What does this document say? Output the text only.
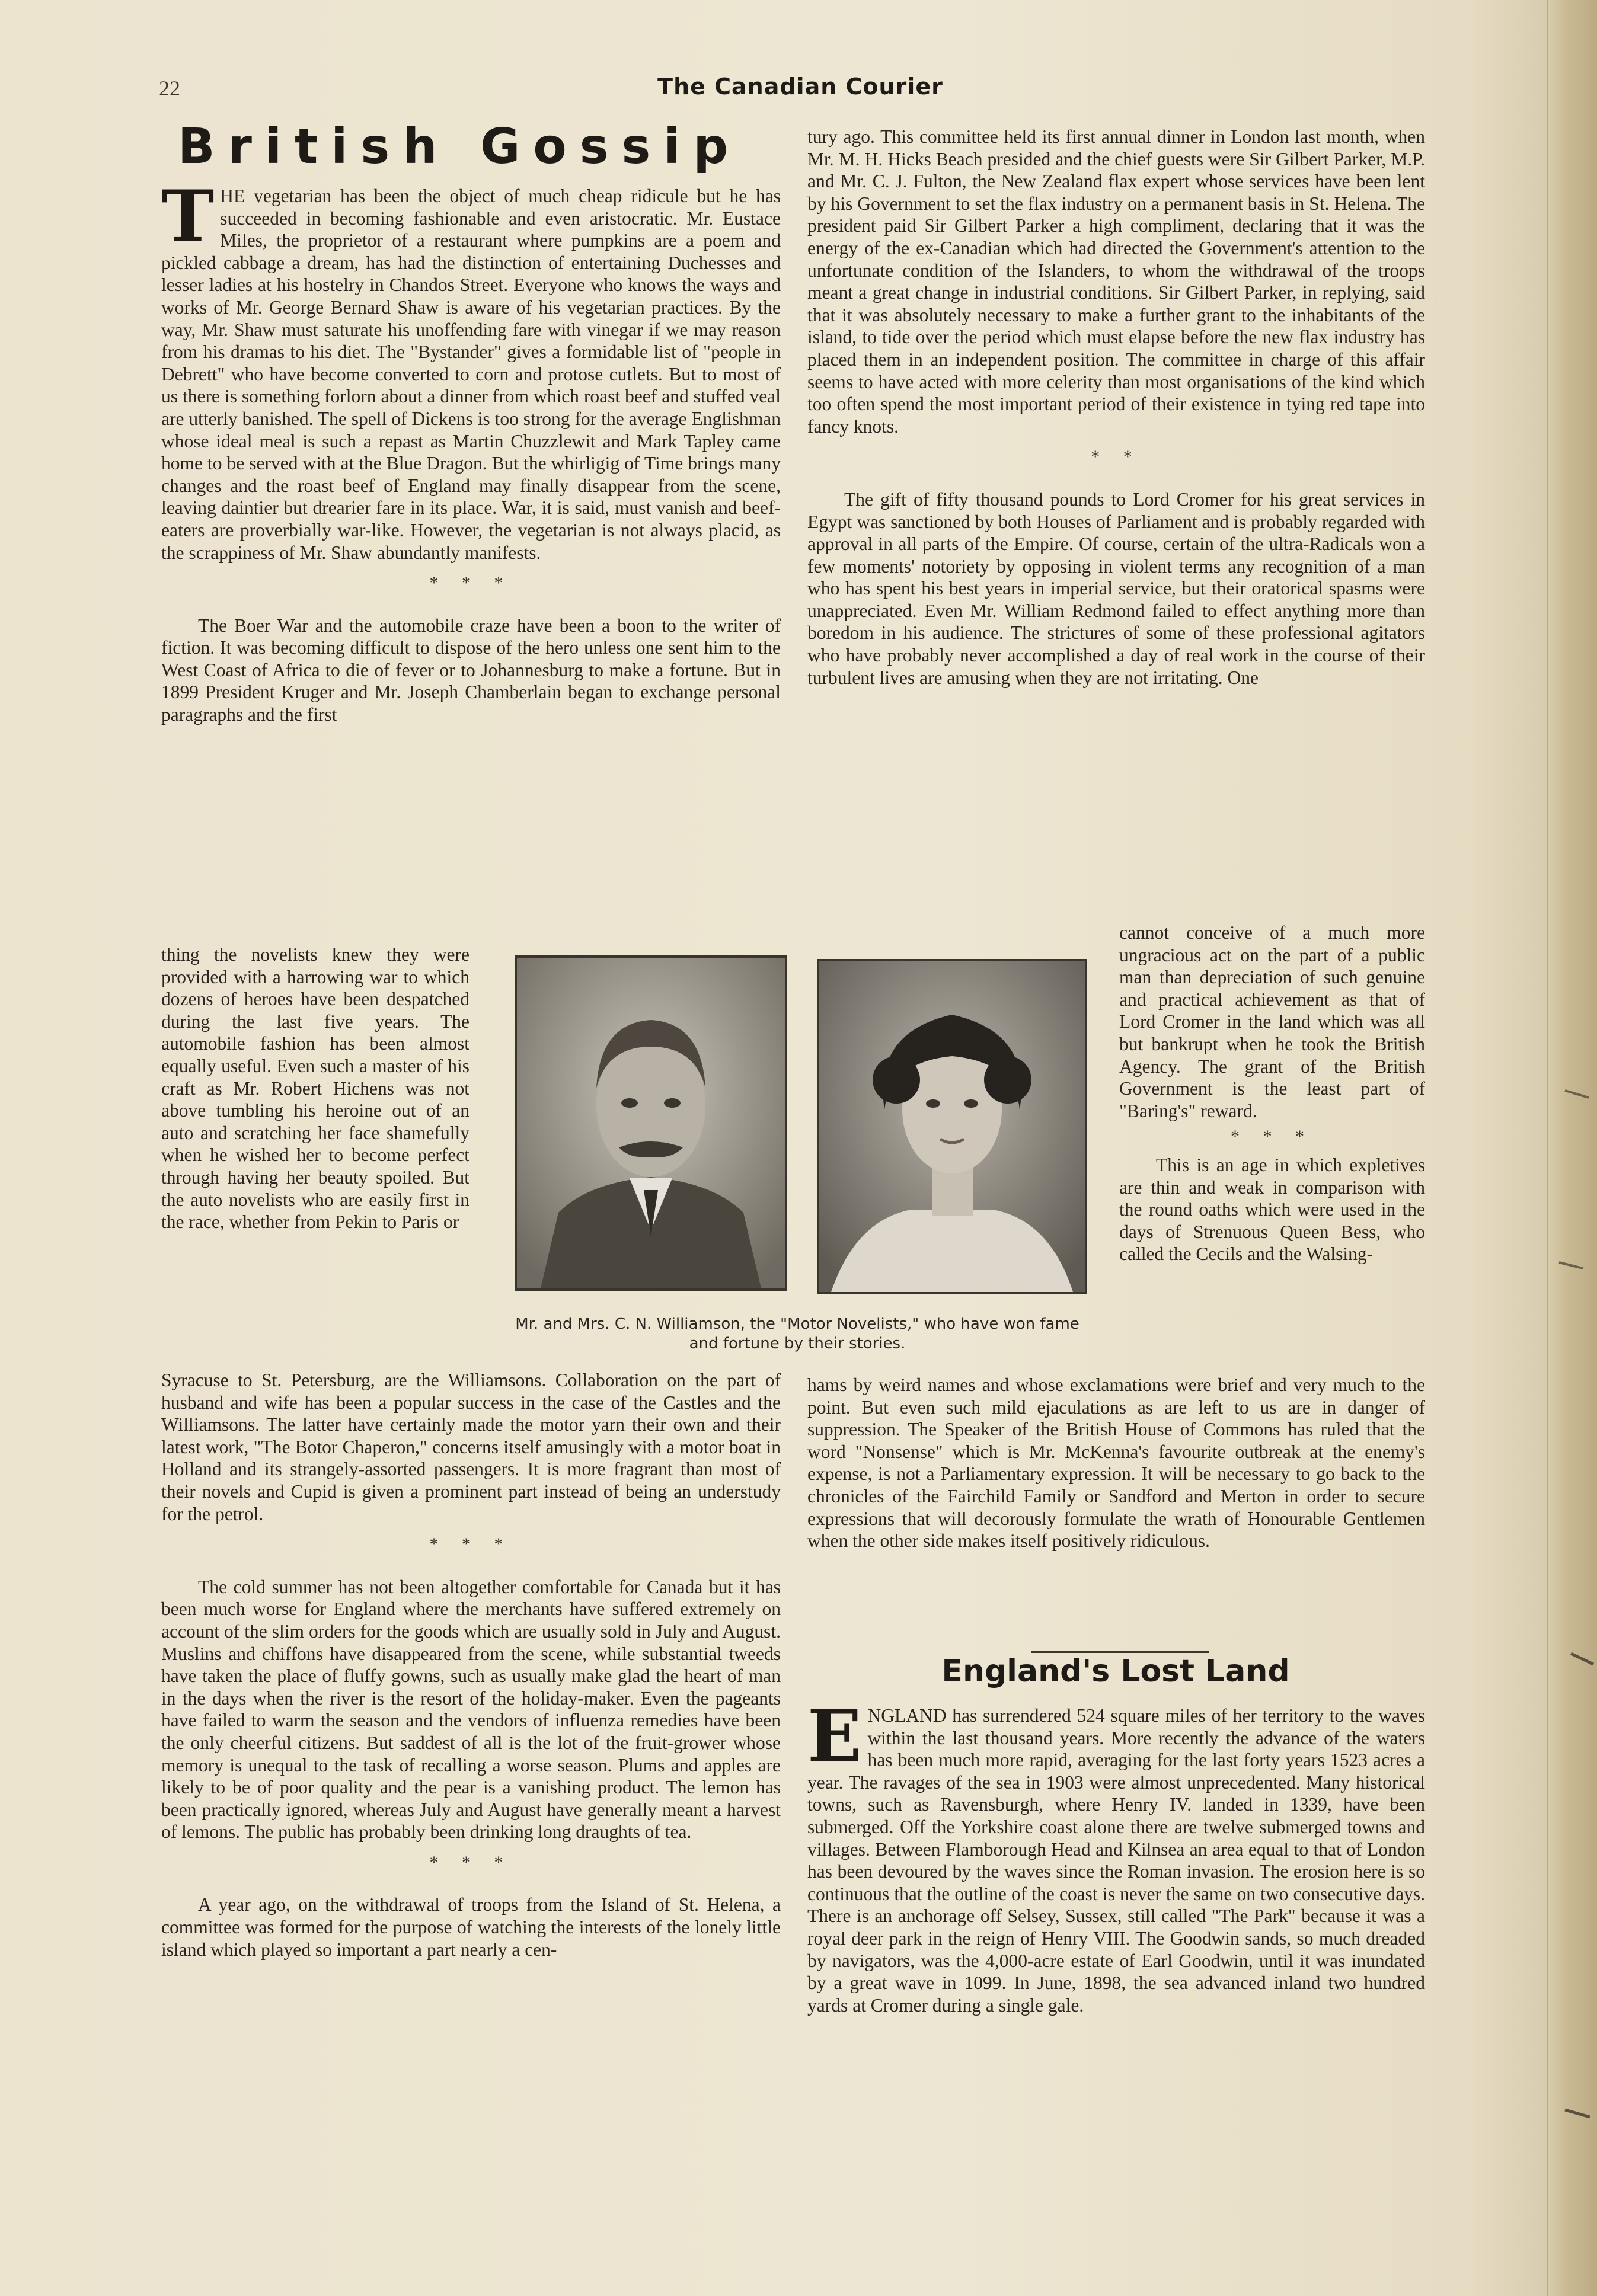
22	The Canadian Courier
British Gossip

THE vegetarian has been the object of much cheap ridicule but he has succeeded in becoming fashionable and even aristocratic. Mr. Eustace Miles, the proprietor of a restaurant where pumpkins are a poem and pickled cabbage a dream, has had the distinction of entertaining Duchesses and lesser ladies at his hostelry in Chandos Street. Everyone who knows the ways and works of Mr. George Bernard Shaw is aware of his vegetarian practices. By the way, Mr. Shaw must saturate his unoffending fare with vinegar if we may reason from his dramas to his diet. The "Bystander" gives a formidable list of "people in Debrett" who have become converted to corn and protose cutlets. But to most of us there is something forlorn about a dinner from which roast beef and stuffed veal are utterly banished. The spell of Dickens is too strong for the average Englishman whose ideal meal is such a repast as Martin Chuzzlewit and Mark Tapley came home to be served with at the Blue Dragon. But the whirligig of Time brings many changes and the roast beef of England may finally disappear from the scene, leaving daintier but drearier fare in its place. War, it is said, must vanish and beef-eaters are proverbially war-like. However, the vegetarian is not always placid, as the scrappiness of Mr. Shaw abundantly manifests.

* * *

The Boer War and the automobile craze have been a boon to the writer of fiction. It was becoming difficult to dispose of the hero unless one sent him to the West Coast of Africa to die of fever or to Johannesburg to make a fortune. But in 1899 President Kruger and Mr. Joseph Chamberlain began to exchange personal paragraphs and the first

thing the novelists knew they were provided with a harrowing war to which dozens of heroes have been despatched during the last five years. The automobile fashion has been almost equally useful. Even such a master of his craft as Mr. Robert Hichens was not above tumbling his heroine out of an auto and scratching her face shamefully when he wished her to become perfect through having her beauty spoiled. But the auto novelists who are easily first in the race, whether from Pekin to Paris or

Mr. and Mrs. C. N. Williamson, the "Motor Novelists," who have won fame and fortune by their stories.

Syracuse to St. Petersburg, are the Williamsons. Collaboration on the part of husband and wife has been a popular success in the case of the Castles and the Williamsons. The latter have certainly made the motor yarn their own and their latest work, "The Botor Chaperon," concerns itself amusingly with a motor boat in Holland and its strangely-assorted passengers. It is more fragrant than most of their novels and Cupid is given a prominent part instead of being an understudy for the petrol.

* * *

The cold summer has not been altogether comfortable for Canada but it has been much worse for England where the merchants have suffered extremely on account of the slim orders for the goods which are usually sold in July and August. Muslins and chiffons have disappeared from the scene, while substantial tweeds have taken the place of fluffy gowns, such as usually make glad the heart of man in the days when the river is the resort of the holiday-maker. Even the pageants have failed to warm the season and the vendors of influenza remedies have been the only cheerful citizens. But saddest of all is the lot of the fruit-grower whose memory is unequal to the task of recalling a worse season. Plums and apples are likely to be of poor quality and the pear is a vanishing product. The lemon has been practically ignored, whereas July and August have generally meant a harvest of lemons. The public has probably been drinking long draughts of tea.

* * *

A year ago, on the withdrawal of troops from the Island of St. Helena, a committee was formed for the purpose of watching the interests of the lonely little island which played so important a part nearly a cen-

tury ago. This committee held its first annual dinner in London last month, when Mr. M. H. Hicks Beach presided and the chief guests were Sir Gilbert Parker, M.P. and Mr. C. J. Fulton, the New Zealand flax expert whose services have been lent by his Government to set the flax industry on a permanent basis in St. Helena. The president paid Sir Gilbert Parker a high compliment, declaring that it was the energy of the ex-Canadian which had directed the Government's attention to the unfortunate condition of the Islanders, to whom the withdrawal of the troops meant a great change in industrial conditions. Sir Gilbert Parker, in replying, said that it was absolutely necessary to make a further grant to the inhabitants of the island, to tide over the period which must elapse before the new flax industry has placed them in an independent position. The committee in charge of this affair seems to have acted with more celerity than most organisations of the kind which too often spend the most important period of their existence in tying red tape into fancy knots.

* *

The gift of fifty thousand pounds to Lord Cromer for his great services in Egypt was sanctioned by both Houses of Parliament and is probably regarded with approval in all parts of the Empire. Of course, certain of the ultra-Radicals won a few moments' notoriety by opposing in violent terms any recognition of a man who has spent his best years in imperial service, but their oratorical spasms were unappreciated. Even Mr. William Redmond failed to effect anything more than boredom in his audience. The strictures of some of these professional agitators who have probably never accomplished a day of real work in the course of their turbulent lives are amusing when they are not irritating. One

cannot conceive of a much more ungracious act on the part of a public man than depreciation of such genuine and practical achievement as that of Lord Cromer in the land which was all but bankrupt when he took the British Agency. The grant of the British Government is the least part of "Baring's" reward.

* * *

This is an age in which expletives are thin and weak in comparison with the round oaths which were used in the days of Strenuous Queen Bess, who called the Cecils and the Walsing-

hams by weird names and whose exclamations were brief and very much to the point. But even such mild ejaculations as are left to us are in danger of suppression. The Speaker of the British House of Commons has ruled that the word "Nonsense" which is Mr. McKenna's favourite outbreak at the enemy's expense, is not a Parliamentary expression. It will be necessary to go back to the chronicles of the Fairchild Family or Sandford and Merton in order to secure expressions that will decorously formulate the wrath of Honourable Gentlemen when the other side makes itself positively ridiculous.

England's Lost Land

ENGLAND has surrendered 524 square miles of her territory to the waves within the last thousand years. More recently the advance of the waters has been much more rapid, averaging for the last forty years 1523 acres a year. The ravages of the sea in 1903 were almost unprecedented. Many historical towns, such as Ravensburgh, where Henry IV. landed in 1339, have been submerged. Off the Yorkshire coast alone there are twelve submerged towns and villages. Between Flamborough Head and Kilnsea an area equal to that of London has been devoured by the waves since the Roman invasion. The erosion here is so continuous that the outline of the coast is never the same on two consecutive days. There is an anchorage off Selsey, Sussex, still called "The Park" because it was a royal deer park in the reign of Henry VIII. The Goodwin sands, so much dreaded by navigators, was the 4,000-acre estate of Earl Goodwin, until it was inundated by a great wave in 1099. In June, 1898, the sea advanced inland two hundred yards at Cromer during a single gale.
